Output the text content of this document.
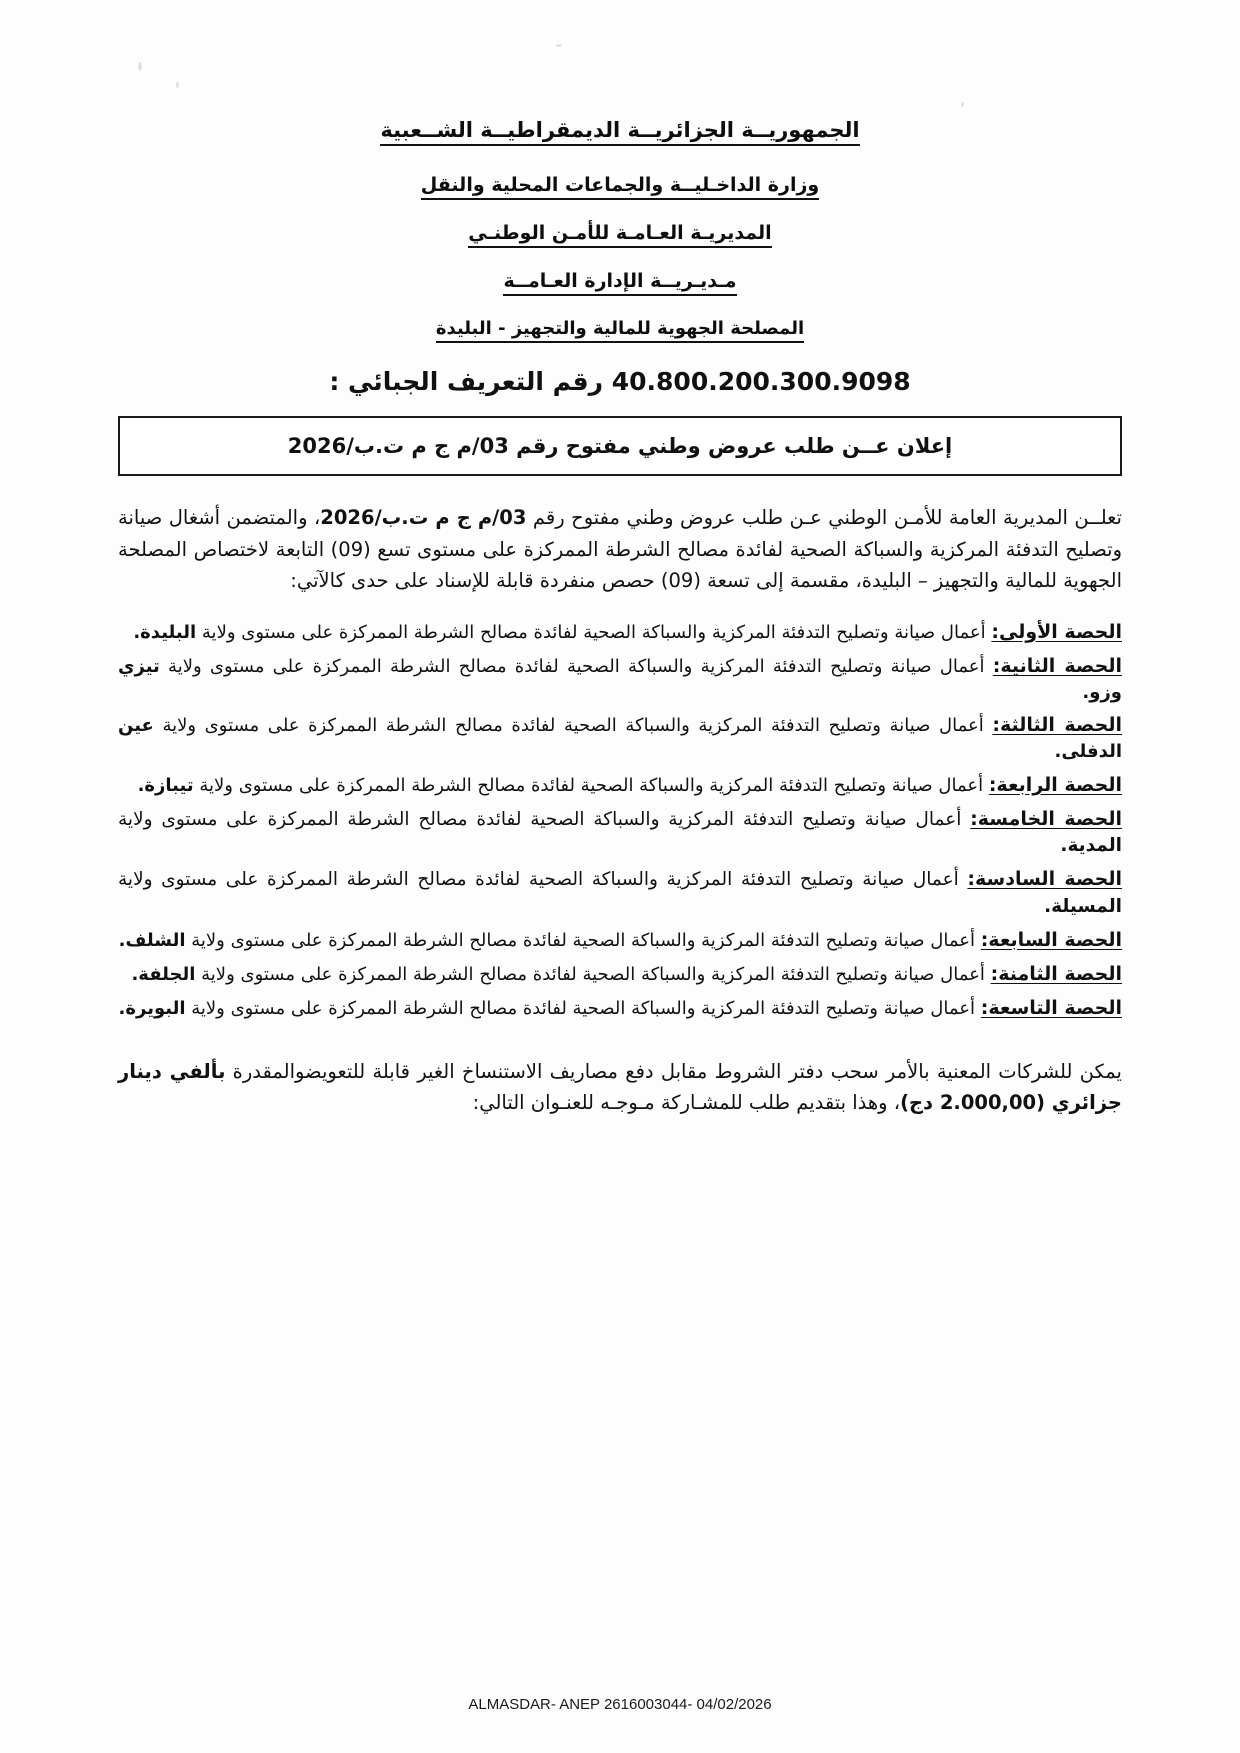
الجمهوريــة الجزائريــة الديمقراطيــة الشــعبية
وزارة الداخـليــة والجماعات المحلية والنقل
المديريـة العـامـة للأمـن الوطنـي
مـديـريــة الإدارة العـامــة
المصلحة الجهوية للمالية والتجهيز - البليدة
40.800.200.300.9098 رقم التعريف الجبائي :
إعلان عــن طلب عروض وطني مفتوح رقم 03/م ج م ت.ب/2026

تعلــن المديرية العامة للأمـن الوطني عـن طلب عروض وطني مفتوح رقم 03/م ج م ت.ب/2026، والمتضمن أشغال صيانة وتصليح التدفئة المركزية والسباكة الصحية لفائدة مصالح الشرطة الممركزة على مستوى تسع (09) التابعة لاختصاص المصلحة الجهوية للمالية والتجهيز – البليدة، مقسمة إلى تسعة (09) حصص منفردة قابلة للإسناد على حدى كالآتي:

الحصة الأولى: أعمال صيانة وتصليح التدفئة المركزية والسباكة الصحية لفائدة مصالح الشرطة الممركزة على مستوى ولاية البليدة.
الحصة الثانية: أعمال صيانة وتصليح التدفئة المركزية والسباكة الصحية لفائدة مصالح الشرطة الممركزة على مستوى ولاية تيزي وزو.
الحصة الثالثة: أعمال صيانة وتصليح التدفئة المركزية والسباكة الصحية لفائدة مصالح الشرطة الممركزة على مستوى ولاية عين الدفلى.
الحصة الرابعة: أعمال صيانة وتصليح التدفئة المركزية والسباكة الصحية لفائدة مصالح الشرطة الممركزة على مستوى ولاية تيبازة.
الحصة الخامسة: أعمال صيانة وتصليح التدفئة المركزية والسباكة الصحية لفائدة مصالح الشرطة الممركزة على مستوى ولاية المدية.
الحصة السادسة: أعمال صيانة وتصليح التدفئة المركزية والسباكة الصحية لفائدة مصالح الشرطة الممركزة على مستوى ولاية المسيلة.
الحصة السابعة: أعمال صيانة وتصليح التدفئة المركزية والسباكة الصحية لفائدة مصالح الشرطة الممركزة على مستوى ولاية الشلف.
الحصة الثامنة: أعمال صيانة وتصليح التدفئة المركزية والسباكة الصحية لفائدة مصالح الشرطة الممركزة على مستوى ولاية الجلفة.
الحصة التاسعة: أعمال صيانة وتصليح التدفئة المركزية والسباكة الصحية لفائدة مصالح الشرطة الممركزة على مستوى ولاية البويرة.

يمكن للشركات المعنية بالأمر سحب دفتر الشروط مقابل دفع مصاريف الاستنساخ الغير قابلة للتعويضوالمقدرة بألفي دينار جزائري (2.000,00 دج)، وهذا بتقديم طلب للمشـاركة مـوجـه للعنـوان التالي:

ALMASDAR- ANEP 2616003044- 04/02/2026
